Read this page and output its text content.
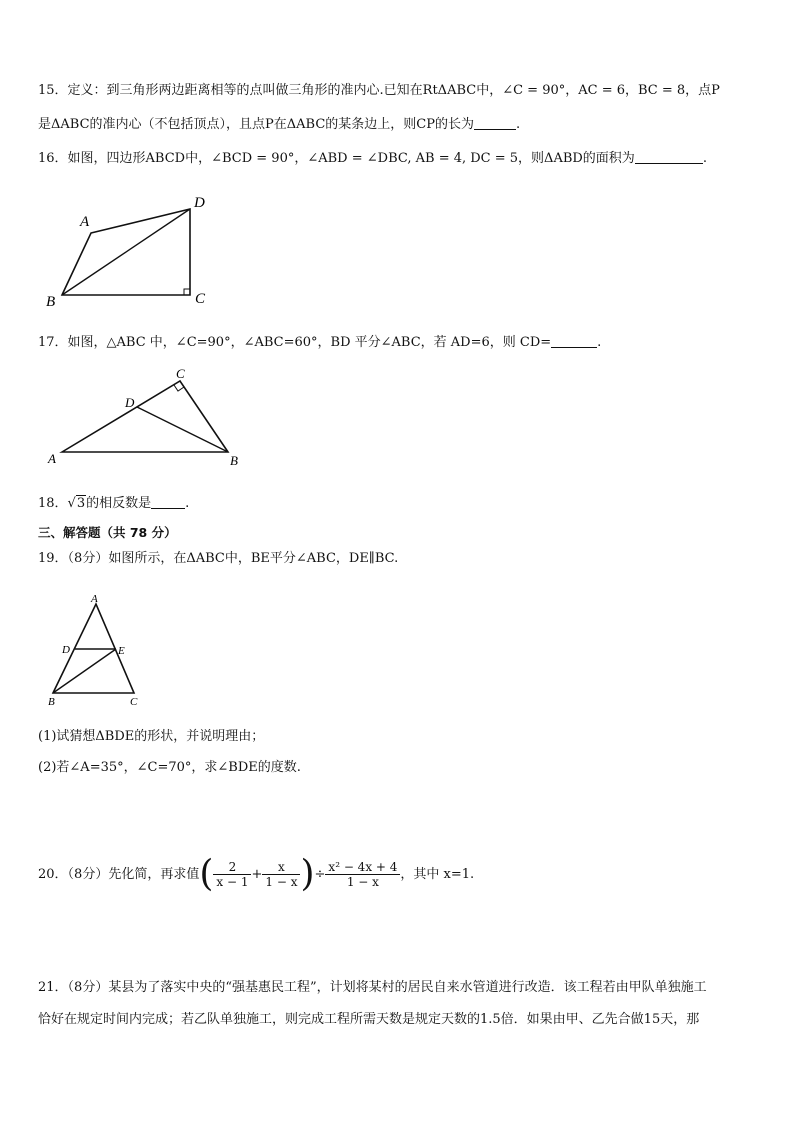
15．定义：到三角形两边距离相等的点叫做三角形的准内心.已知在RtΔABC中，∠C = 90°，AC = 6，BC = 8，点P
是ΔABC的准内心（不包括顶点），且点P在ΔABC的某条边上，则CP的长为	.
16．如图，四边形ABCD中，∠BCD = 90°，∠ABD = ∠DBC, AB = 4, DC = 5，则ΔABD的面积为	.
A
D
B	C
17．如图，△ABC 中，∠C=90°，∠ABC=60°，BD 平分∠ABC，若 AD=6，则 CD=	.
C
D
A	B
18．√3的相反数是	.
三、解答题（共 78 分）
19．（8分）如图所示，在ΔABC中，BE平分∠ABC，DE∥BC.
A
D	E
B	C
(1)试猜想ΔBDE的形状，并说明理由；
(2)若∠A=35°，∠C=70°，求∠BDE的度数.
20．（8分）先化简，再求值( $\frac{2}{x - 1} + \frac{x}{1 - x}$ )÷ $\frac{\text{x² − 4x + 4}}{1 - x}$ ，其中 x=1.
21．（8分）某县为了落实中央的“强基惠民工程”，计划将某村的居民自来水管道进行改造．该工程若由甲队单独施工
恰好在规定时间内完成；若乙队单独施工，则完成工程所需天数是规定天数的1.5倍．如果由甲、乙先合做15天，那
